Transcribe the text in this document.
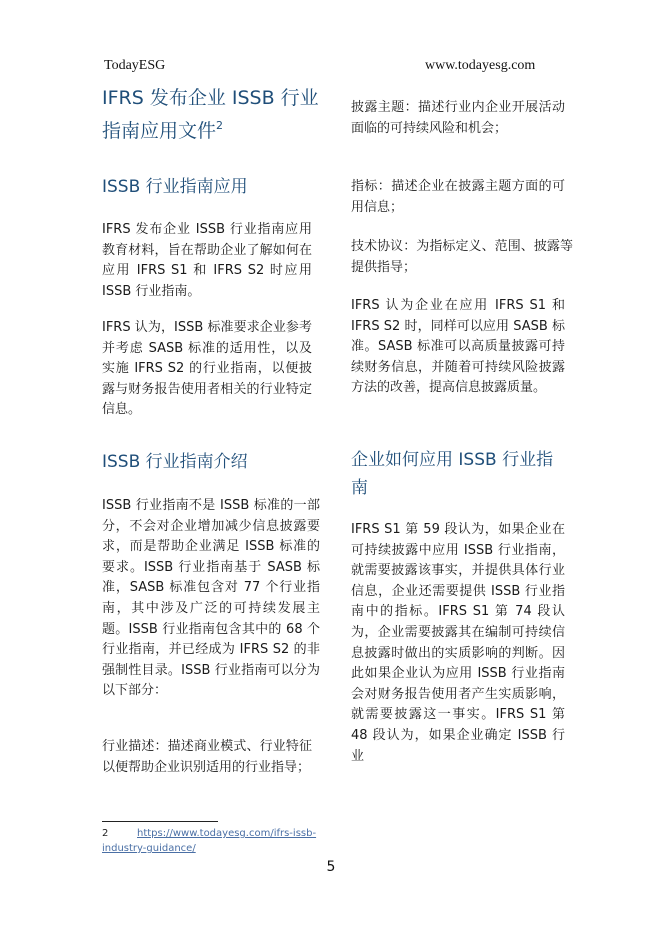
TodayESG	www.todayesg.com
IFRS 发布企业 ISSB 行业指南应用文件$^2$
ISSB 行业指南应用

IFRS 发布企业 ISSB 行业指南应用教育材料，旨在帮助企业了解如何在应用 IFRS S1 和 IFRS S2 时应用 ISSB 行业指南。

IFRS 认为，ISSB 标准要求企业参考并考虑 SASB 标准的适用性，以及实施 IFRS S2 的行业指南，以便披露与财务报告使用者相关的行业特定信息。

ISSB 行业指南介绍

ISSB 行业指南不是 ISSB 标准的一部分，不会对企业增加减少信息披露要求，而是帮助企业满足 ISSB 标准的要求。ISSB 行业指南基于 SASB 标准，SASB 标准包含对 77 个行业指南，其中涉及广泛的可持续发展主题。ISSB 行业指南包含其中的 68 个行业指南，并已经成为 IFRS S2 的非强制性目录。ISSB 行业指南可以分为以下部分：

行业描述：描述商业模式、行业特征以便帮助企业识别适用的行业指导；

披露主题：描述行业内企业开展活动面临的可持续风险和机会；

指标：描述企业在披露主题方面的可用信息；

技术协议：为指标定义、范围、披露等提供指导；

IFRS 认为企业在应用 IFRS S1 和 IFRS S2 时，同样可以应用 SASB 标准。SASB 标准可以高质量披露可持续财务信息，并随着可持续风险披露方法的改善，提高信息披露质量。

企业如何应用 ISSB 行业指南

IFRS S1 第 59 段认为，如果企业在可持续披露中应用 ISSB 行业指南，就需要披露该事实，并提供具体行业信息，企业还需要提供 ISSB 行业指南中的指标。IFRS S1 第 74 段认为，企业需要披露其在编制可持续信息披露时做出的实质影响的判断。因此如果企业认为应用 ISSB 行业指南会对财务报告使用者产生实质影响，就需要披露这一事实。IFRS S1 第 48 段认为，如果企业确定 ISSB 行业

2	https://www.todayesg.com/ifrs-issb-industry-guidance/
5
